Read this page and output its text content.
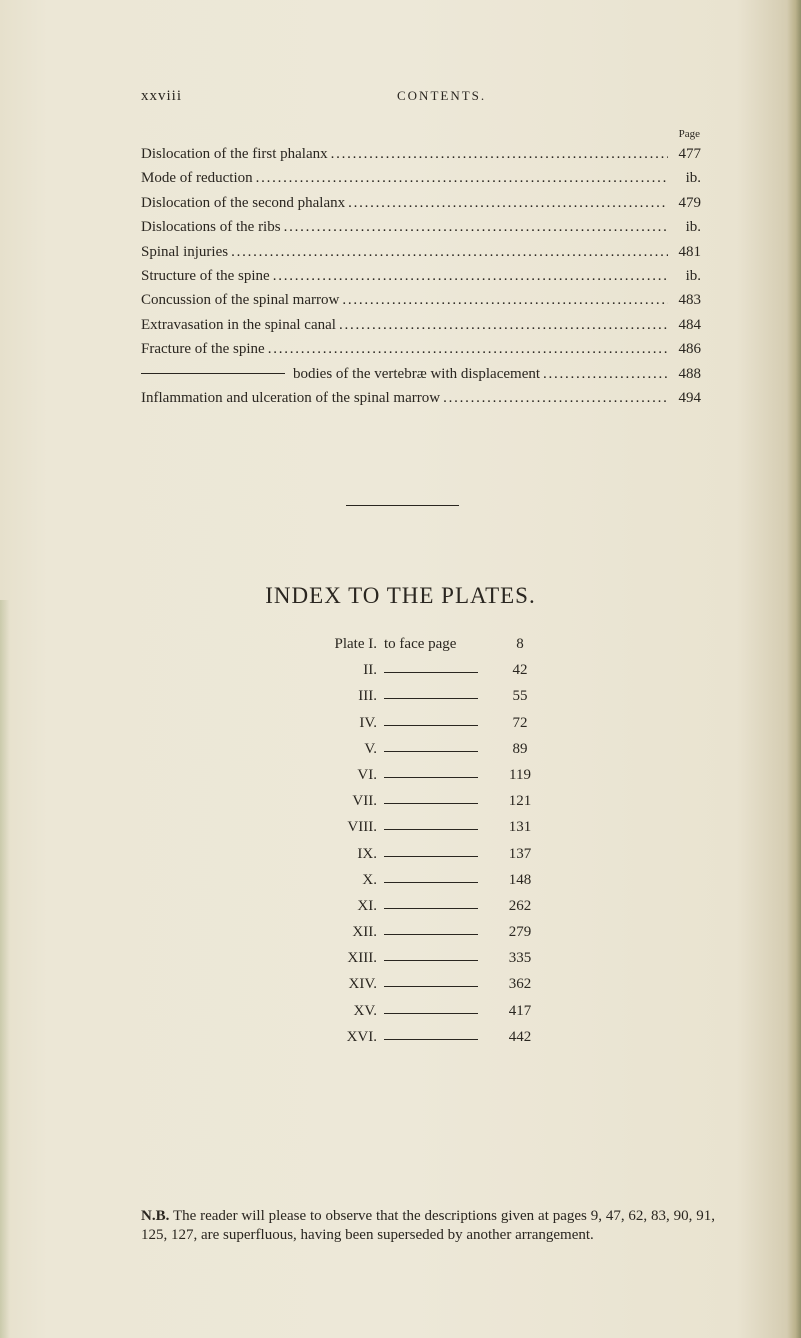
xxviii	CONTENTS.
Page
Dislocation of the first phalanx . . .	477
Mode of reduction . . .	ib.
Dislocation of the second phalanx . . .	479
Dislocations of the ribs . . .	ib.
Spinal injuries . . .	481
Structure of the spine . . .	ib.
Concussion of the spinal marrow . . .	483
Extravasation in the spinal canal . . .	484
Fracture of the spine . . .	486
bodies of the vertebræ with displacement . . .	488
Inflammation and ulceration of the spinal marrow . . .	494
INDEX TO THE PLATES.
Plate I. to face page	8
II.	42
III.	55
IV.	72
V.	89
VI.	119
VII.	121
VIII.	131
IX.	137
X.	148
XI.	262
XII.	279
XIII.	335
XIV.	362
XV.	417
XVI.	442
N.B. The reader will please to observe that the descriptions given at pages 9, 47, 62, 83, 90, 91, 125, 127, are superfluous, having been superseded by another arrangement.
